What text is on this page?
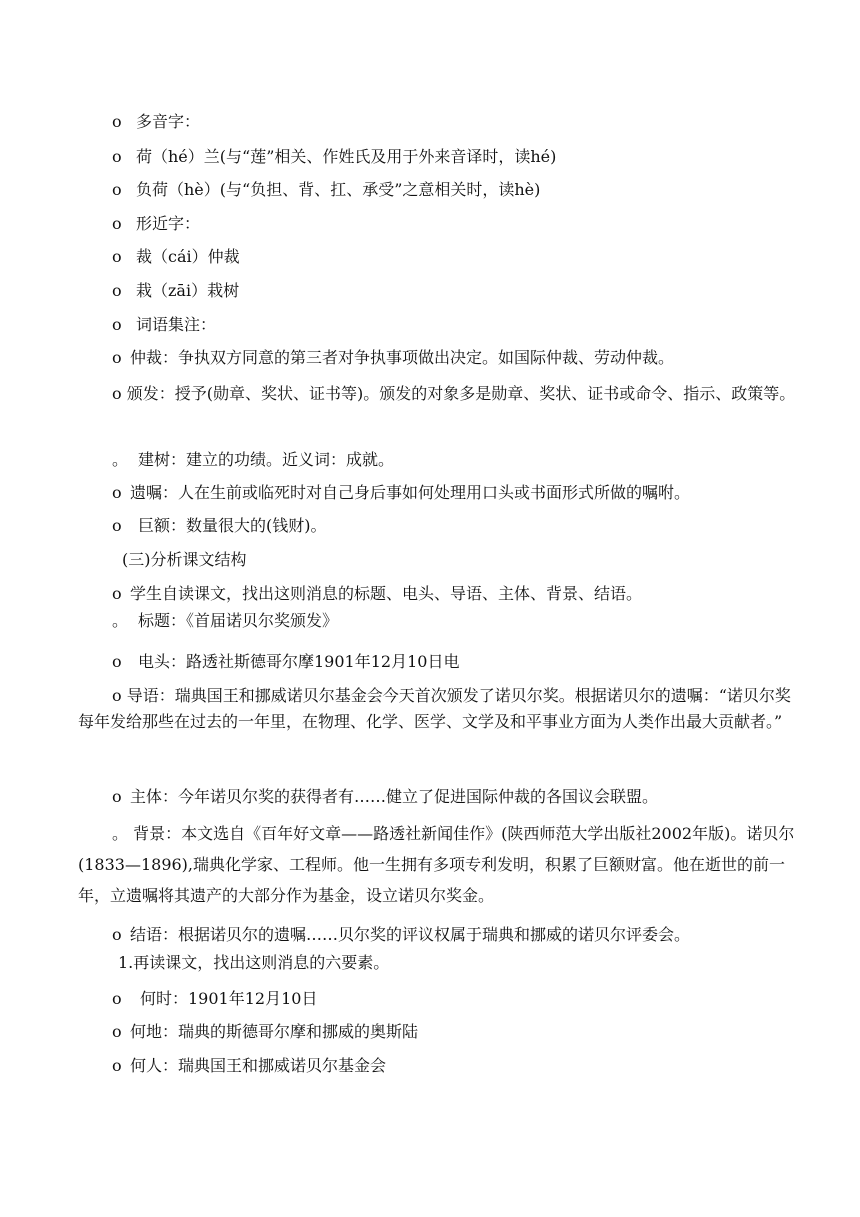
o 多音字：
o 荷（hé）兰(与“莲”相关、作姓氏及用于外来音译时，读hé)
o 负荷（hè）(与“负担、背、扛、承受”之意相关时，读hè)
o 形近字：
o 裁（cái）仲裁
o 栽（zāi）栽树
o 词语集注：
o 仲裁：争执双方同意的第三者对争执事项做出决定。如国际仲裁、劳动仲裁。
o 颁发：授予(勋章、奖状、证书等)。颁发的对象多是勋章、奖状、证书或命令、指示、政策等。
。 建树：建立的功绩。近义词：成就。
o 遗嘱：人在生前或临死时对自己身后事如何处理用口头或书面形式所做的嘱咐。
o 巨额：数量很大的(钱财)。
(三)分析课文结构
o 学生自读课文，找出这则消息的标题、电头、导语、主体、背景、结语。
。 标题：《首届诺贝尔奖颁发》
o 电头：路透社斯德哥尔摩1901年12月10日电
o 导语：瑞典国王和挪威诺贝尔基金会今天首次颁发了诺贝尔奖。根据诺贝尔的遗嘱：“诺贝尔奖每年发给那些在过去的一年里，在物理、化学、医学、文学及和平事业方面为人类作出最大贡献者。”
o 主体：今年诺贝尔奖的获得者有……健立了促进国际仲裁的各国议会联盟。
。 背景：本文选自《百年好文章——路透社新闻佳作》(陕西师范大学出版社2002年版)。诺贝尔(1833—1896),瑞典化学家、工程师。他一生拥有多项专利发明，积累了巨额财富。他在逝世的前一年，立遗嘱将其遗产的大部分作为基金，设立诺贝尔奖金。
o 结语：根据诺贝尔的遗嘱……贝尔奖的评议权属于瑞典和挪威的诺贝尔评委会。
1.再读课文，找出这则消息的六要素。
o 何时：1901年12月10日
o 何地：瑞典的斯德哥尔摩和挪威的奥斯陆
o 何人：瑞典国王和挪威诺贝尔基金会
